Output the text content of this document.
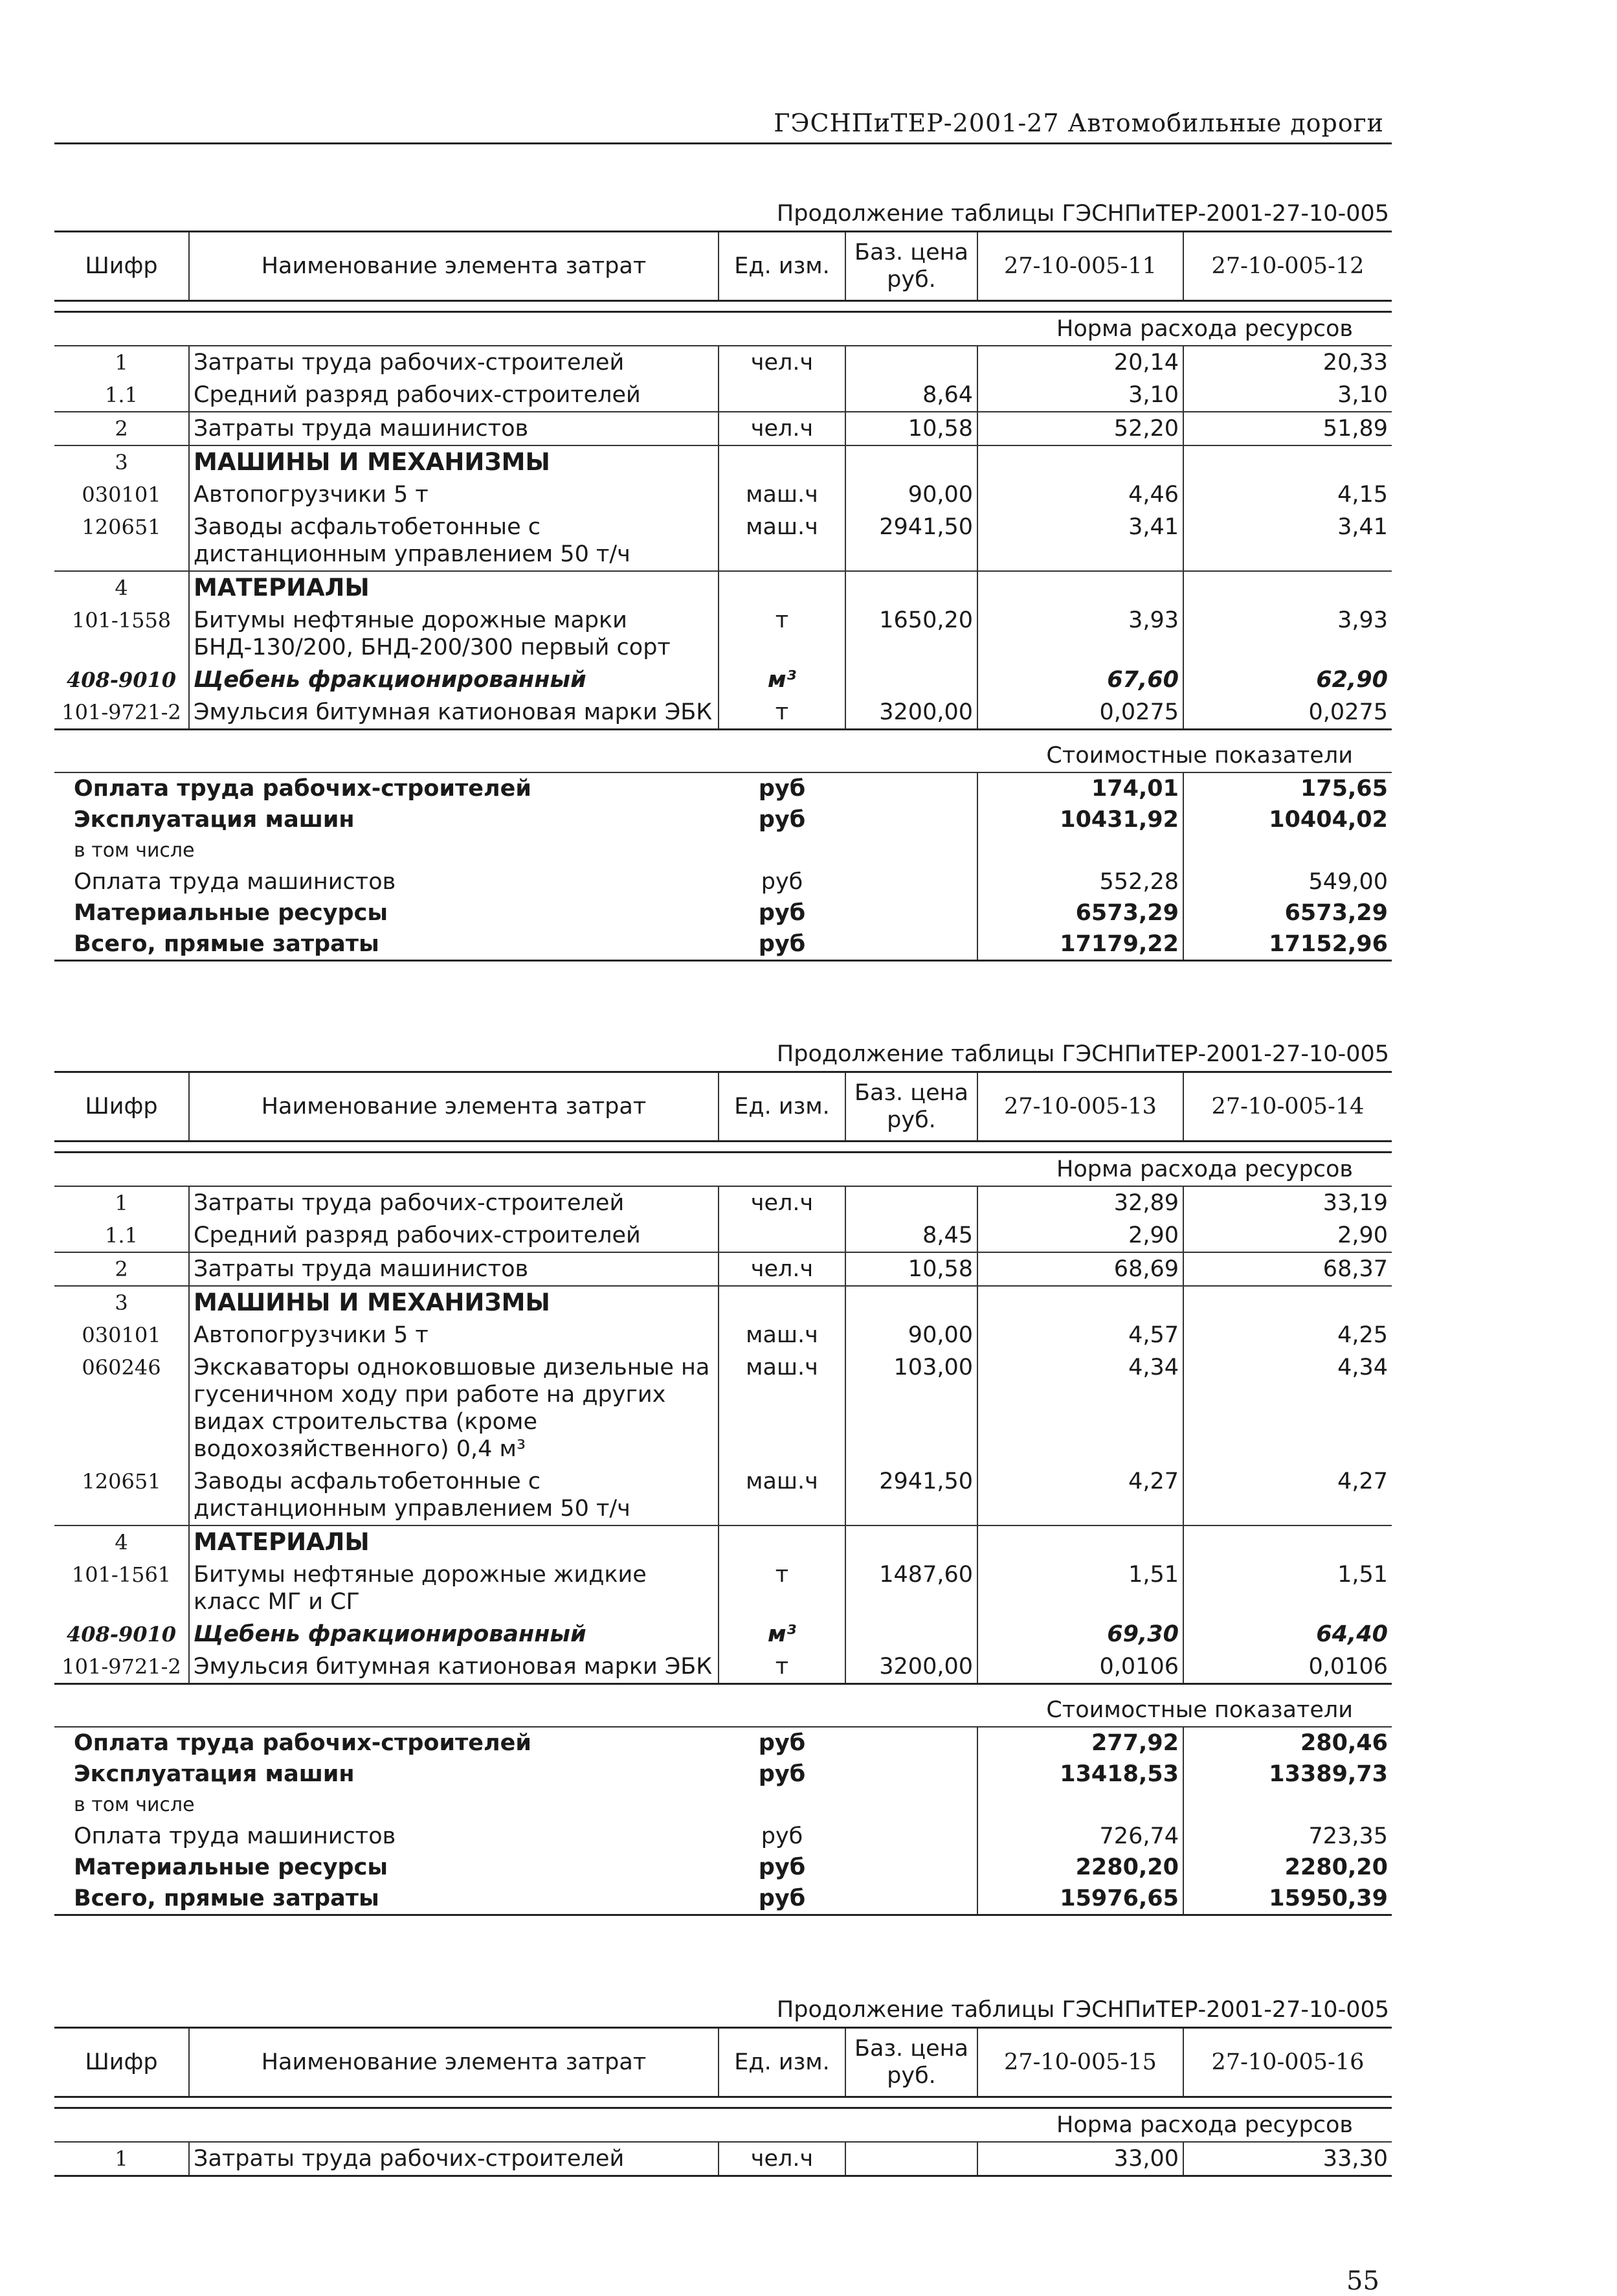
ГЭСНПиТЕР-2001-27 Автомобильные дороги
Продолжение таблицы ГЭСНПиТЕР-2001-27-10-005
Шифр	Наименование элемента затрат	Ед. изм.	Баз. цена руб.	27-10-005-11	27-10-005-12

Норма расхода ресурсов					
1	Затраты труда рабочих-строителей	чел.ч		20,14	20,33
1.1	Средний разряд рабочих-строителей		8,64	3,10	3,10
2	Затраты труда машинистов	чел.ч	10,58	52,20	51,89
3	МАШИНЫ И МЕХАНИЗМЫ				
030101	Автопогрузчики 5 т	маш.ч	90,00	4,46	4,15
120651	Заводы асфальтобетонные с дистанционным управлением 50 т/ч	маш.ч	2941,50	3,41	3,41
4	МАТЕРИАЛЫ				
101-1558	Битумы нефтяные дорожные марки БНД-130/200, БНД-200/300 первый сорт	т	1650,20	3,93	3,93
408-9010	Щебень фракционированный	м³		67,60	62,90
101-9721-2	Эмульсия битумная катионовая марки ЭБК	т	3200,00	0,0275	0,0275

Стоимостные показатели					
Оплата труда рабочих-строителей		руб		174,01	175,65
Эксплуатация машин		руб		10431,92	10404,02
в том числе					
Оплата труда машинистов		руб		552,28	549,00
Материальные ресурсы		руб		6573,29	6573,29
Всего, прямые затраты		руб		17179,22	17152,96
Продолжение таблицы ГЭСНПиТЕР-2001-27-10-005
Шифр	Наименование элемента затрат	Ед. изм.	Баз. цена руб.	27-10-005-13	27-10-005-14

Норма расхода ресурсов					
1	Затраты труда рабочих-строителей	чел.ч		32,89	33,19
1.1	Средний разряд рабочих-строителей		8,45	2,90	2,90
2	Затраты труда машинистов	чел.ч	10,58	68,69	68,37
3	МАШИНЫ И МЕХАНИЗМЫ				
030101	Автопогрузчики 5 т	маш.ч	90,00	4,57	4,25
060246	Экскаваторы одноковшовые дизельные на гусеничном ходу при работе на других видах строительства (кроме водохозяйственного) 0,4 м³	маш.ч	103,00	4,34	4,34
120651	Заводы асфальтобетонные с дистанционным управлением 50 т/ч	маш.ч	2941,50	4,27	4,27
4	МАТЕРИАЛЫ				
101-1561	Битумы нефтяные дорожные жидкие класс МГ и СГ	т	1487,60	1,51	1,51
408-9010	Щебень фракционированный	м³		69,30	64,40
101-9721-2	Эмульсия битумная катионовая марки ЭБК	т	3200,00	0,0106	0,0106

Стоимостные показатели					
Оплата труда рабочих-строителей		руб		277,92	280,46
Эксплуатация машин		руб		13418,53	13389,73
в том числе					
Оплата труда машинистов		руб		726,74	723,35
Материальные ресурсы		руб		2280,20	2280,20
Всего, прямые затраты		руб		15976,65	15950,39
Продолжение таблицы ГЭСНПиТЕР-2001-27-10-005
Шифр	Наименование элемента затрат	Ед. изм.	Баз. цена руб.	27-10-005-15	27-10-005-16

Норма расхода ресурсов					
1	Затраты труда рабочих-строителей	чел.ч		33,00	33,30
55
